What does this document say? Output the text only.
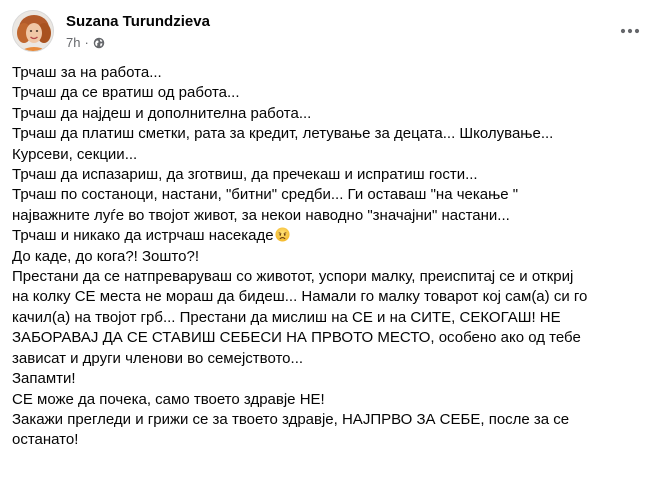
Suzana Turundzieva
7h ·
Трчаш за на работа...
Трчаш да се вратиш од работа...
Трчаш да најдеш и дополнителна работа...
Трчаш да платиш сметки, рата за кредит, летување за децата... Школување...
Курсеви, секции...
Трчаш да испазариш, да зготвиш, да пречекаш и испратиш гости...
Трчаш по состаноци, настани, "битни" средби... Ги оставаш "на чекање "
најважните луѓе во твојот живот, за некои наводно "значајни" настани...
Трчаш и никако да истрчаш насекаде
До каде, до кога?! Зошто?!
Престани да се натпреваруваш со животот, успори малку, преиспитај се и откриј
на колку СЕ места не мораш да бидеш... Намали го малку товарот кој сам(а) си го
качил(а) на твојот грб... Престани да мислиш на СЕ и на СИТЕ, СЕКОГАШ! НЕ
ЗАБОРАВАЈ ДА СЕ СТАВИШ СЕБЕСИ НА ПРВОТО МЕСТО, особено ако од тебе
зависат и други членови во семејството...
Запамти!
СЕ може да почека, само твоето здравје НЕ!
Закажи прегледи и грижи се за твоето здравје, НАЈПРВО ЗА СЕБЕ, после за се
останато!
